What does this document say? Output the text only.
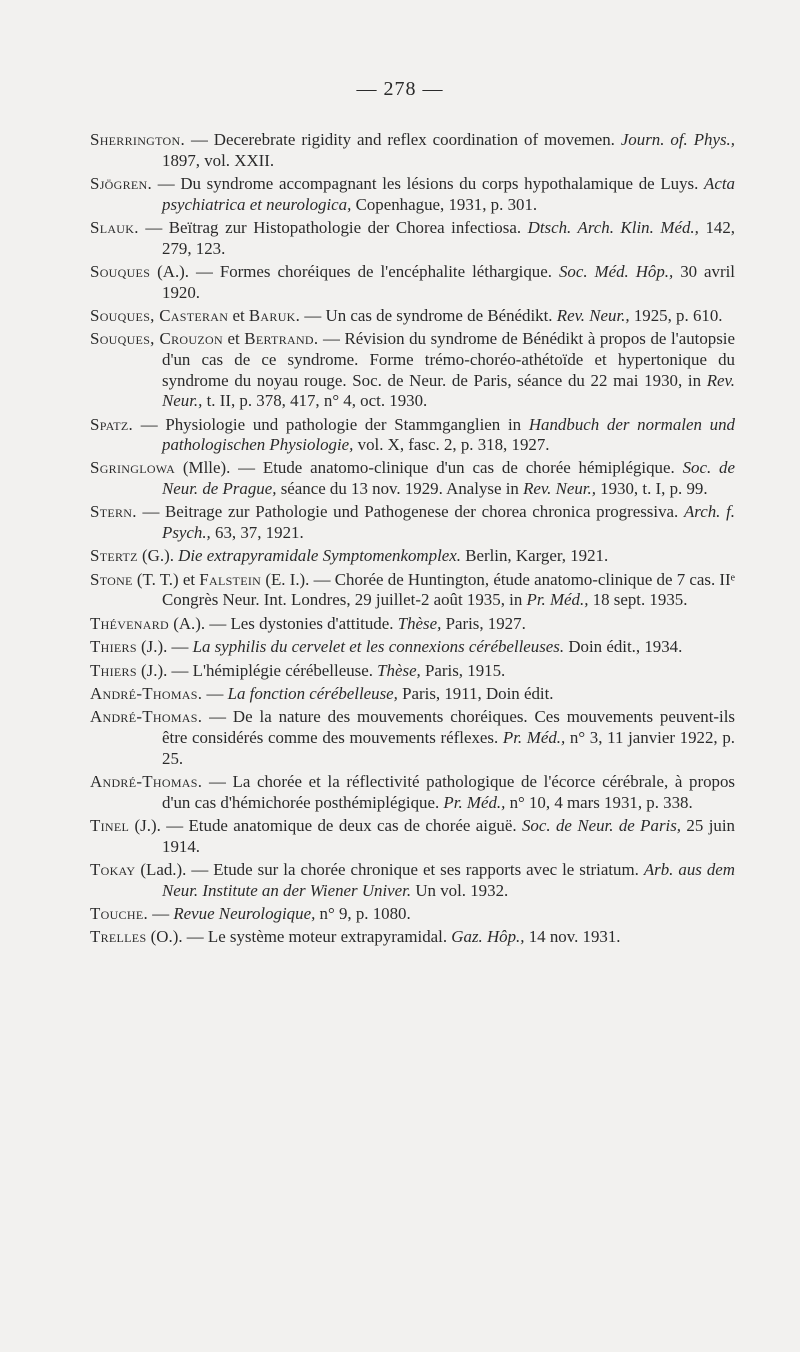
— 278 —
Sherrington. — Decerebrate rigidity and reflex coordination of movemen. Journ. of. Phys., 1897, vol. XXII.
Sjögren. — Du syndrome accompagnant les lésions du corps hypothalamique de Luys. Acta psychiatrica et neurologica, Copenhague, 1931, p. 301.
Slauk. — Beïtrag zur Histopathologie der Chorea infectiosa. Dtsch. Arch. Klin. Méd., 142, 279, 123.
Souques (A.). — Formes choréiques de l'encéphalite léthargique. Soc. Méd. Hôp., 30 avril 1920.
Souques, Casteran et Baruk. — Un cas de syndrome de Bénédikt. Rev. Neur., 1925, p. 610.
Souques, Crouzon et Bertrand. — Révision du syndrome de Bénédikt à propos de l'autopsie d'un cas de ce syndrome. Forme trémo-choréo-athétoïde et hypertonique du syndrome du noyau rouge. Soc. de Neur. de Paris, séance du 22 mai 1930, in Rev. Neur., t. II, p. 378, 417, n° 4, oct. 1930.
Spatz. — Physiologie und pathologie der Stammganglien in Handbuch der normalen und pathologischen Physiologie, vol. X, fasc. 2, p. 318, 1927.
Sgringlowa (Mlle). — Etude anatomo-clinique d'un cas de chorée hémiplégique. Soc. de Neur. de Prague, séance du 13 nov. 1929. Analyse in Rev. Neur., 1930, t. I, p. 99.
Stern. — Beitrage zur Pathologie und Pathogenese der chorea chronica progressiva. Arch. f. Psych., 63, 37, 1921.
Stertz (G.). Die extrapyramidale Symptomenkomplex. Berlin, Karger, 1921.
Stone (T. T.) et Falstein (E. I.). — Chorée de Huntington, étude anatomo-clinique de 7 cas. IIᵉ Congrès Neur. Int. Londres, 29 juillet-2 août 1935, in Pr. Méd., 18 sept. 1935.
Thévenard (A.). — Les dystonies d'attitude. Thèse, Paris, 1927.
Thiers (J.). — La syphilis du cervelet et les connexions cérébelleuses. Doin édit., 1934.
Thiers (J.). — L'hémiplégie cérébelleuse. Thèse, Paris, 1915.
André-Thomas. — La fonction cérébelleuse, Paris, 1911, Doin édit.
André-Thomas. — De la nature des mouvements choréiques. Ces mouvements peuvent-ils être considérés comme des mouvements réflexes. Pr. Méd., n° 3, 11 janvier 1922, p. 25.
André-Thomas. — La chorée et la réflectivité pathologique de l'écorce cérébrale, à propos d'un cas d'hémichorée posthémiplégique. Pr. Méd., n° 10, 4 mars 1931, p. 338.
Tinel (J.). — Etude anatomique de deux cas de chorée aiguë. Soc. de Neur. de Paris, 25 juin 1914.
Tokay (Lad.). — Etude sur la chorée chronique et ses rapports avec le striatum. Arb. aus dem Neur. Institute an der Wiener Univer. Un vol. 1932.
Touche. — Revue Neurologique, n° 9, p. 1080.
Trelles (O.). — Le système moteur extrapyramidal. Gaz. Hôp., 14 nov. 1931.
